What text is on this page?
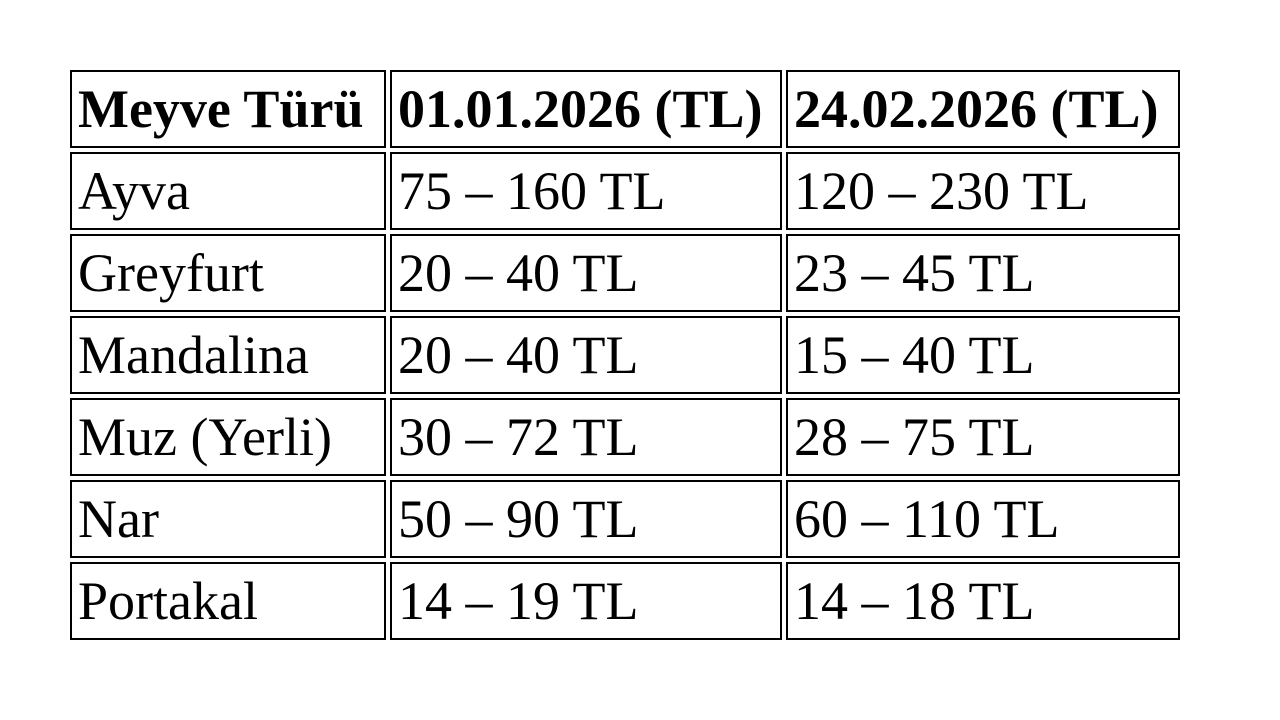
Meyve Türü	01.01.2026 (TL)	24.02.2026 (TL)
Ayva	75 – 160 TL	120 – 230 TL
Greyfurt	20 – 40 TL	23 – 45 TL
Mandalina	20 – 40 TL	15 – 40 TL
Muz (Yerli)	30 – 72 TL	28 – 75 TL
Nar	50 – 90 TL	60 – 110 TL
Portakal	14 – 19 TL	14 – 18 TL
